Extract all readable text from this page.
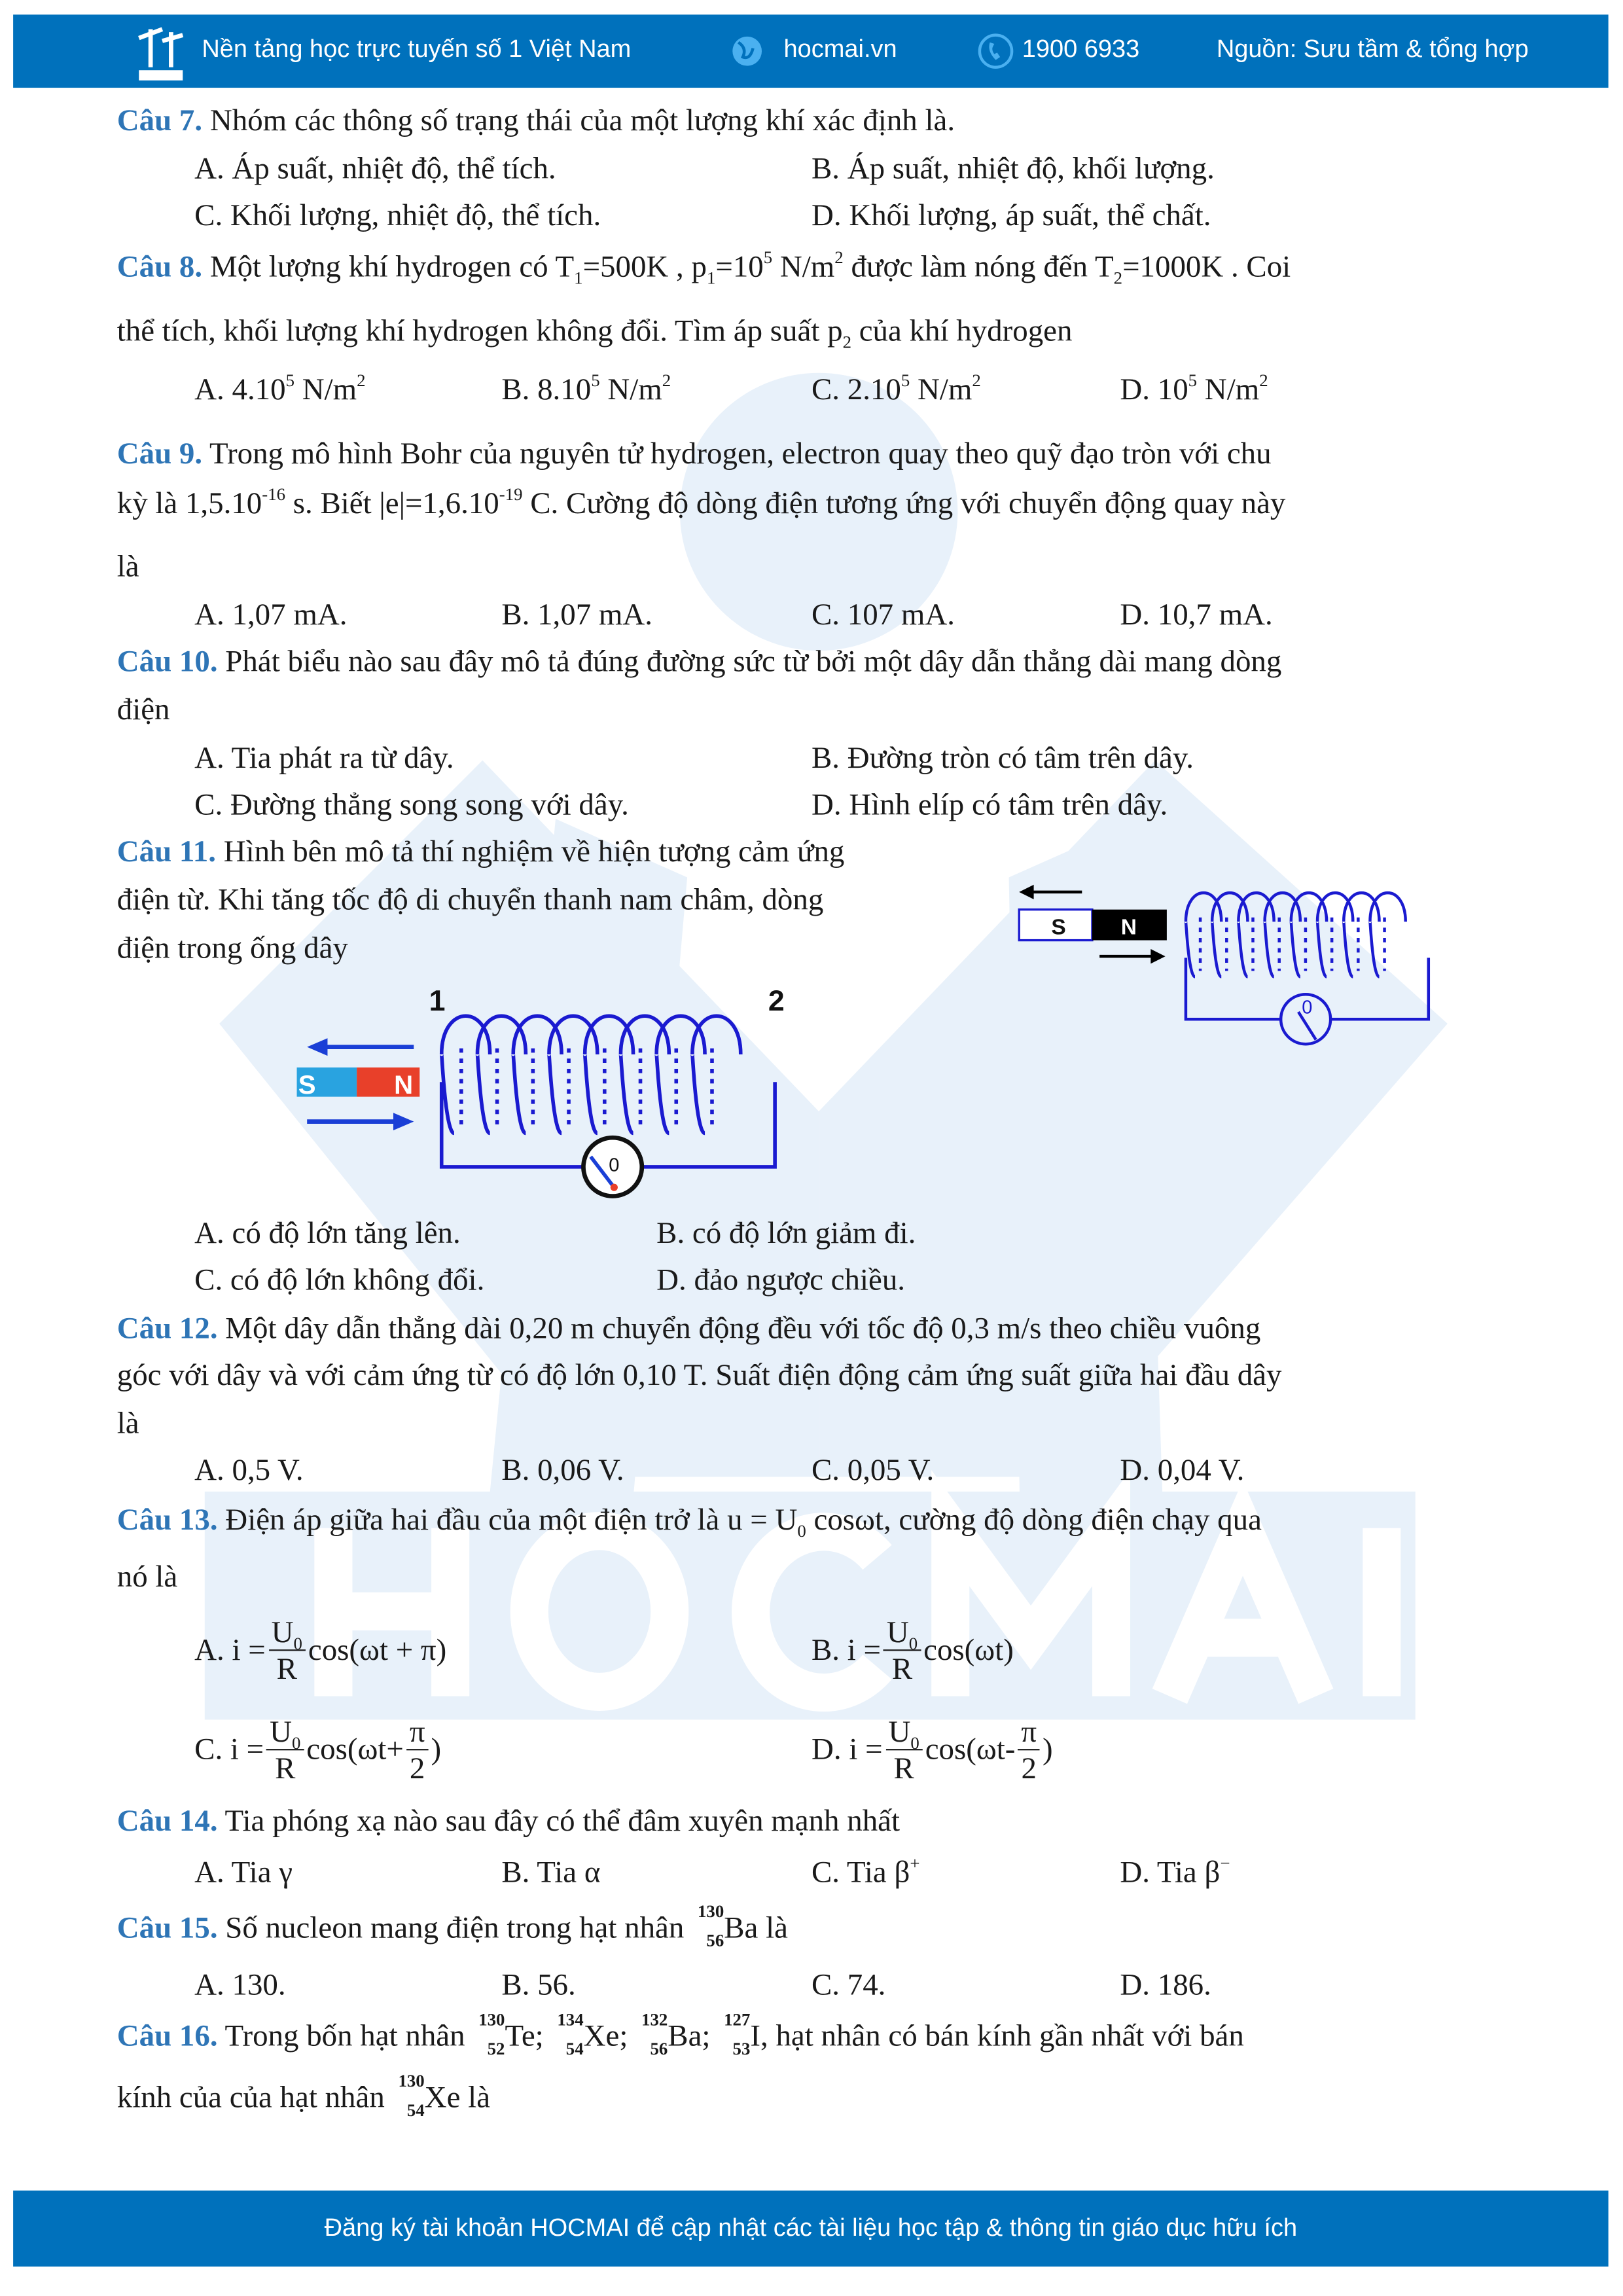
Nền tảng học trực tuyến số 1 Việt Nam	hocmai.vn	1900 6933	Nguồn: Sưu tầm & tổng hợp
Câu 7. Nhóm các thông số trạng thái của một lượng khí xác định là.
A. Áp suất, nhiệt độ, thể tích.	B. Áp suất, nhiệt độ, khối lượng.
C. Khối lượng, nhiệt độ, thể tích.	D. Khối lượng, áp suất, thể chất.
Câu 8. Một lượng khí hydrogen có $T_1=500K$ , $p_1=10^5$ $N/m^2$ được làm nóng đến $T_2=1000K$ . Coi
thể tích, khối lượng khí hydrogen không đổi. Tìm áp suất $p_2$ của khí hydrogen
A. 4.10$^5$ $N/m^2$	B. 8.10$^5$ $N/m^2$	C. 2.10$^5$ $N/m^2$	D. $10^5$ $N/m^2$
Câu 9. Trong mô hình Bohr của nguyên tử hydrogen, electron quay theo quỹ đạo tròn với chu
kỳ là $1,5.10^{-16}$ s. Biết $|e|=1,6.10^{-19}$ C. Cường độ dòng điện tương ứng với chuyển động quay này
là
A. 1,07 mA.	B. 1,07 mA.	C. 107 mA.	D. 10,7 mA.
Câu 10. Phát biểu nào sau đây mô tả đúng đường sức từ bởi một dây dẫn thẳng dài mang dòng
điện
A. Tia phát ra từ dây.	B. Đường tròn có tâm trên dây.
C. Đường thẳng song song với dây.	D. Hình elíp có tâm trên dây.
Câu 11. Hình bên mô tả thí nghiệm về hiện tượng cảm ứng
điện từ. Khi tăng tốc độ di chuyển thanh nam châm, dòng
điện trong ống dây
S	N
0
S	N
0
1	2
A. có độ lớn tăng lên.	B. có độ lớn giảm đi.
C. có độ lớn không đổi.	D. đảo ngược chiều.
Câu 12. Một dây dẫn thẳng dài 0,20 m chuyển động đều với tốc độ 0,3 m/s theo chiều vuông
góc với dây và với cảm ứng từ có độ lớn 0,10 T. Suất điện động cảm ứng suất giữa hai đầu dây
là
A. 0,5 V.	B. 0,06 V.	C. 0,05 V.	D. 0,04 V.
Câu 13. Điện áp giữa hai đầu của một điện trở là $u = U_0$ cosωt, cường độ dòng điện chạy qua
nó là
A. $i = \frac{U_0}{R} \cos(\omega t + \pi)$	B. $i = \frac{U_0}{R} \cos(\omega t)$
C. $i = \frac{U_0}{R} \cos(\omega t+ \frac{\pi}{2}$ )	D. $i = \frac{U_0}{R} \cos(\omega t- \frac{\pi}{2}$ )
Câu 14. Tia phóng xạ nào sau đây có thể đâm xuyên mạnh nhất
A. Tia γ	B. Tia α	C. Tia β+	D. Tia β−
Câu 15. Số nucleon mang điện trong hạt nhân 130
56 Ba là
A. 130.	B. 56.	C. 74.	D. 186.
Câu 16. Trong bốn hạt nhân 130
52 Te; 134
54 Xe; 132
56 Ba; 127
53 I, hạt nhân có bán kính gần nhất với bán
kính của của hạt nhân 130
54 Xe là
Đăng ký tài khoản HOCMAI để cập nhật các tài liệu học tập & thông tin giáo dục hữu ích
